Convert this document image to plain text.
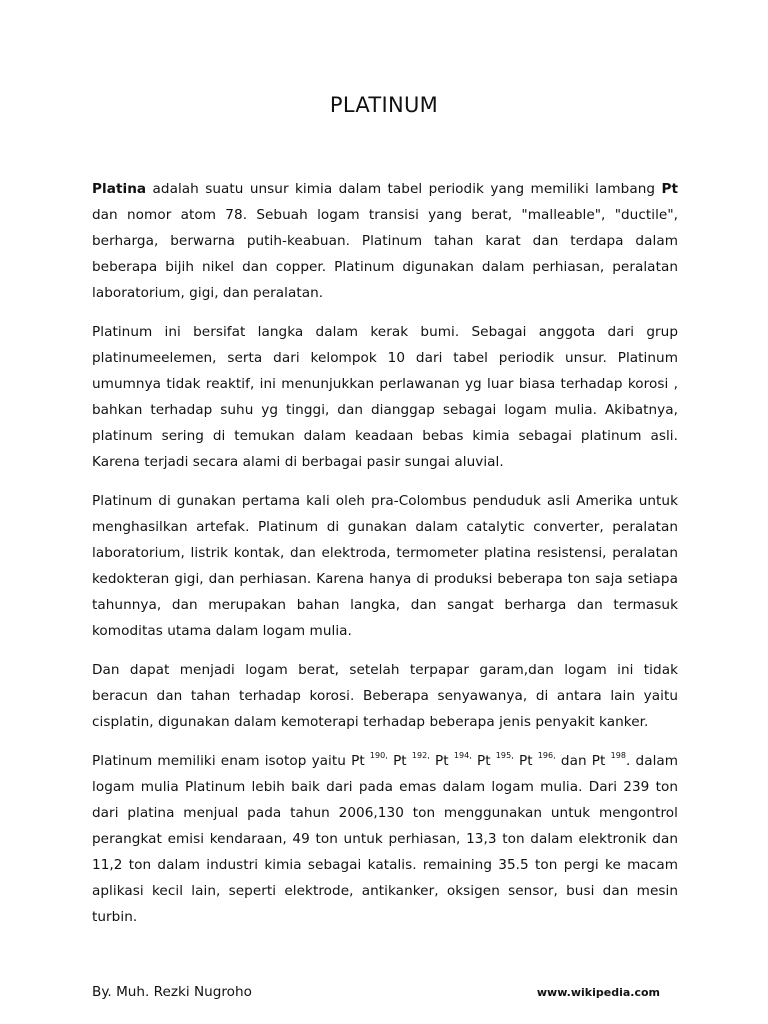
PLATINUM

Platina adalah suatu unsur kimia dalam tabel periodik yang memiliki lambang Pt dan nomor atom 78. Sebuah logam transisi yang berat, "malleable", "ductile", berharga, berwarna putih-keabuan. Platinum tahan karat dan terdapa dalam beberapa bijih nikel dan copper. Platinum digunakan dalam perhiasan, peralatan laboratorium, gigi, dan peralatan.

Platinum ini bersifat langka dalam kerak bumi. Sebagai anggota dari grup platinumeelemen, serta dari kelompok 10 dari tabel periodik unsur. Platinum umumnya tidak reaktif, ini menunjukkan perlawanan yg luar biasa terhadap korosi , bahkan terhadap suhu yg tinggi, dan dianggap sebagai logam mulia. Akibatnya, platinum sering di temukan dalam keadaan bebas kimia sebagai platinum asli. Karena terjadi secara alami di berbagai pasir sungai aluvial.

Platinum di gunakan pertama kali oleh pra-Colombus penduduk asli Amerika untuk menghasilkan artefak. Platinum di gunakan dalam catalytic converter, peralatan laboratorium, listrik kontak, dan elektroda, termometer platina resistensi, peralatan kedokteran gigi, dan perhiasan. Karena hanya di produksi beberapa ton saja setiapa tahunnya, dan merupakan bahan langka, dan sangat berharga dan termasuk komoditas utama dalam logam mulia.

Dan dapat menjadi logam berat, setelah terpapar garam,dan logam ini tidak beracun dan tahan terhadap korosi. Beberapa senyawanya, di antara lain yaitu cisplatin, digunakan dalam kemoterapi terhadap beberapa jenis penyakit kanker.

Platinum memiliki enam isotop yaitu Pt $^{190,}$ Pt $^{192,}$ Pt $^{194,}$ Pt $^{195,}$ Pt $^{196,}$ dan Pt $^{198}$. dalam logam mulia Platinum lebih baik dari pada emas dalam logam mulia. Dari 239 ton dari platina menjual pada tahun 2006,130 ton menggunakan untuk mengontrol perangkat emisi kendaraan, 49 ton untuk perhiasan, 13,3 ton dalam elektronik dan 11,2 ton dalam industri kimia sebagai katalis. remaining 35.5 ton pergi ke macam aplikasi kecil lain, seperti elektrode, antikanker, oksigen sensor, busi dan mesin turbin.

By. Muh. Rezki Nugroho	www.wikipedia.com
